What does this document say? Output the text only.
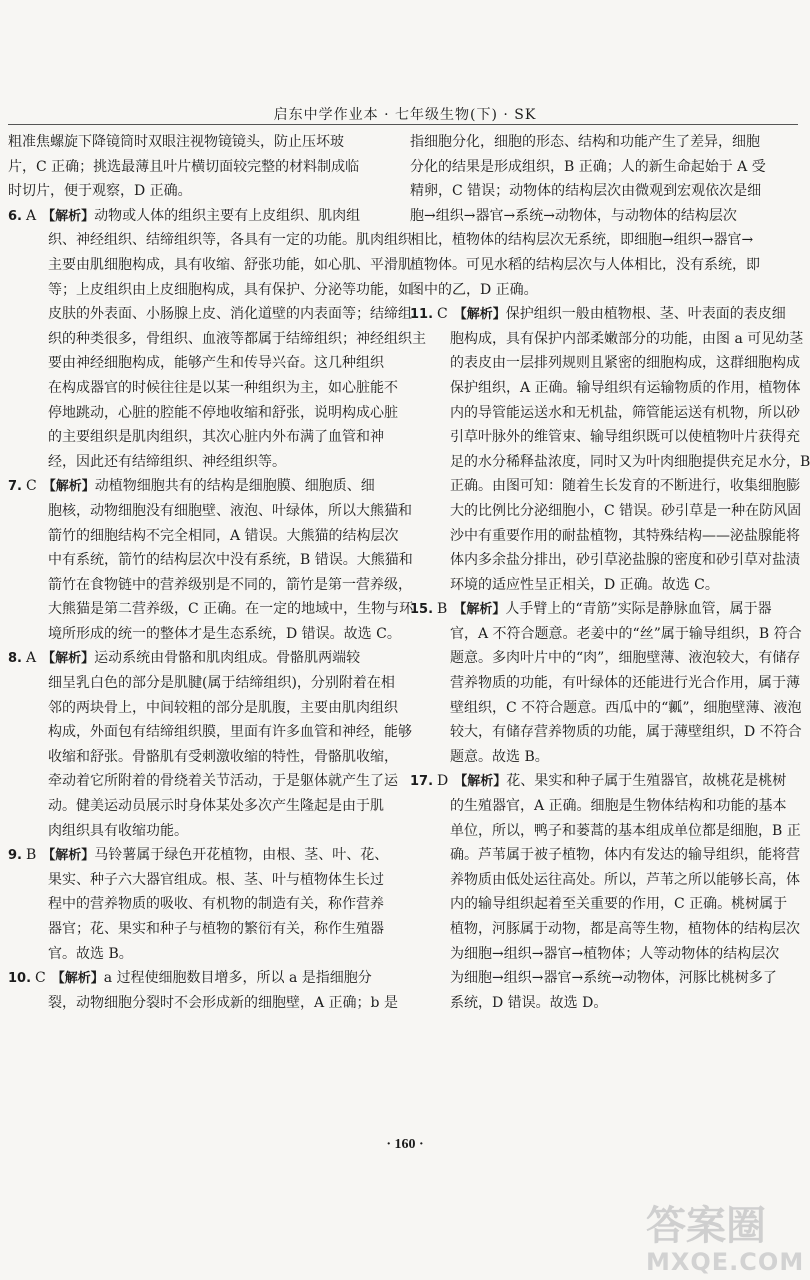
启东中学作业本 · 七年级生物(下) · SK
粗准焦螺旋下降镜筒时双眼注视物镜镜头，防止压坏玻
片，C 正确；挑选最薄且叶片横切面较完整的材料制成临
时切片，便于观察，D 正确。
6. A 【解析】动物或人体的组织主要有上皮组织、肌肉组
织、神经组织、结缔组织等，各具有一定的功能。肌肉组织
主要由肌细胞构成，具有收缩、舒张功能，如心肌、平滑肌
等；上皮组织由上皮细胞构成，具有保护、分泌等功能，如
皮肤的外表面、小肠腺上皮、消化道壁的内表面等；结缔组
织的种类很多，骨组织、血液等都属于结缔组织；神经组织主
要由神经细胞构成，能够产生和传导兴奋。这几种组织
在构成器官的时候往往是以某一种组织为主，如心脏能不
停地跳动，心脏的腔能不停地收缩和舒张，说明构成心脏
的主要组织是肌肉组织，其次心脏内外布满了血管和神
经，因此还有结缔组织、神经组织等。
7. C 【解析】动植物细胞共有的结构是细胞膜、细胞质、细
胞核，动物细胞没有细胞壁、液泡、叶绿体，所以大熊猫和
箭竹的细胞结构不完全相同，A 错误。大熊猫的结构层次
中有系统，箭竹的结构层次中没有系统，B 错误。大熊猫和
箭竹在食物链中的营养级别是不同的，箭竹是第一营养级，
大熊猫是第二营养级，C 正确。在一定的地域中，生物与环
境所形成的统一的整体才是生态系统，D 错误。故选 C。
8. A 【解析】运动系统由骨骼和肌肉组成。骨骼肌两端较
细呈乳白色的部分是肌腱(属于结缔组织)，分别附着在相
邻的两块骨上，中间较粗的部分是肌腹，主要由肌肉组织
构成，外面包有结缔组织膜，里面有许多血管和神经，能够
收缩和舒张。骨骼肌有受刺激收缩的特性，骨骼肌收缩，
牵动着它所附着的骨绕着关节活动，于是躯体就产生了运
动。健美运动员展示时身体某处多次产生隆起是由于肌
肉组织具有收缩功能。
9. B 【解析】马铃薯属于绿色开花植物，由根、茎、叶、花、
果实、种子六大器官组成。根、茎、叶与植物体生长过
程中的营养物质的吸收、有机物的制造有关，称作营养
器官；花、果实和种子与植物的繁衍有关，称作生殖器
官。故选 B。
10. C 【解析】a 过程使细胞数目增多，所以 a 是指细胞分
裂，动物细胞分裂时不会形成新的细胞壁，A 正确；b 是
指细胞分化，细胞的形态、结构和功能产生了差异，细胞
分化的结果是形成组织，B 正确；人的新生命起始于 A 受
精卵，C 错误；动物体的结构层次由微观到宏观依次是细
胞→组织→器官→系统→动物体，与动物体的结构层次
相比，植物体的结构层次无系统，即细胞→组织→器官→
植物体。可见水稻的结构层次与人体相比，没有系统，即
图中的乙，D 正确。
11. C 【解析】保护组织一般由植物根、茎、叶表面的表皮细
胞构成，具有保护内部柔嫩部分的功能，由图 a 可见幼茎
的表皮由一层排列规则且紧密的细胞构成，这群细胞构成
保护组织，A 正确。输导组织有运输物质的作用，植物体
内的导管能运送水和无机盐，筛管能运送有机物，所以砂
引草叶脉外的维管束、输导组织既可以使植物叶片获得充
足的水分稀释盐浓度，同时又为叶肉细胞提供充足水分，B
正确。由图可知：随着生长发育的不断进行，收集细胞膨
大的比例比分泌细胞小，C 错误。砂引草是一种在防风固
沙中有重要作用的耐盐植物，其特殊结构——泌盐腺能将
体内多余盐分排出，砂引草泌盐腺的密度和砂引草对盐渍
环境的适应性呈正相关，D 正确。故选 C。
15. B 【解析】人手臂上的“青筋”实际是静脉血管，属于器
官，A 不符合题意。老姜中的“丝”属于输导组织，B 符合
题意。多肉叶片中的“肉”，细胞壁薄、液泡较大，有储存
营养物质的功能，有叶绿体的还能进行光合作用，属于薄
壁组织，C 不符合题意。西瓜中的“瓤”，细胞壁薄、液泡
较大，有储存营养物质的功能，属于薄壁组织，D 不符合
题意。故选 B。
17. D 【解析】花、果实和种子属于生殖器官，故桃花是桃树
的生殖器官，A 正确。细胞是生物体结构和功能的基本
单位，所以，鸭子和蒌蒿的基本组成单位都是细胞，B 正
确。芦苇属于被子植物，体内有发达的输导组织，能将营
养物质由低处运往高处。所以，芦苇之所以能够长高，体
内的输导组织起着至关重要的作用，C 正确。桃树属于
植物，河豚属于动物，都是高等生物，植物体的结构层次
为细胞→组织→器官→植物体；人等动物体的结构层次
为细胞→组织→器官→系统→动物体，河豚比桃树多了
系统，D 错误。故选 D。
· 160 ·
答案圈
MXQE.COM
